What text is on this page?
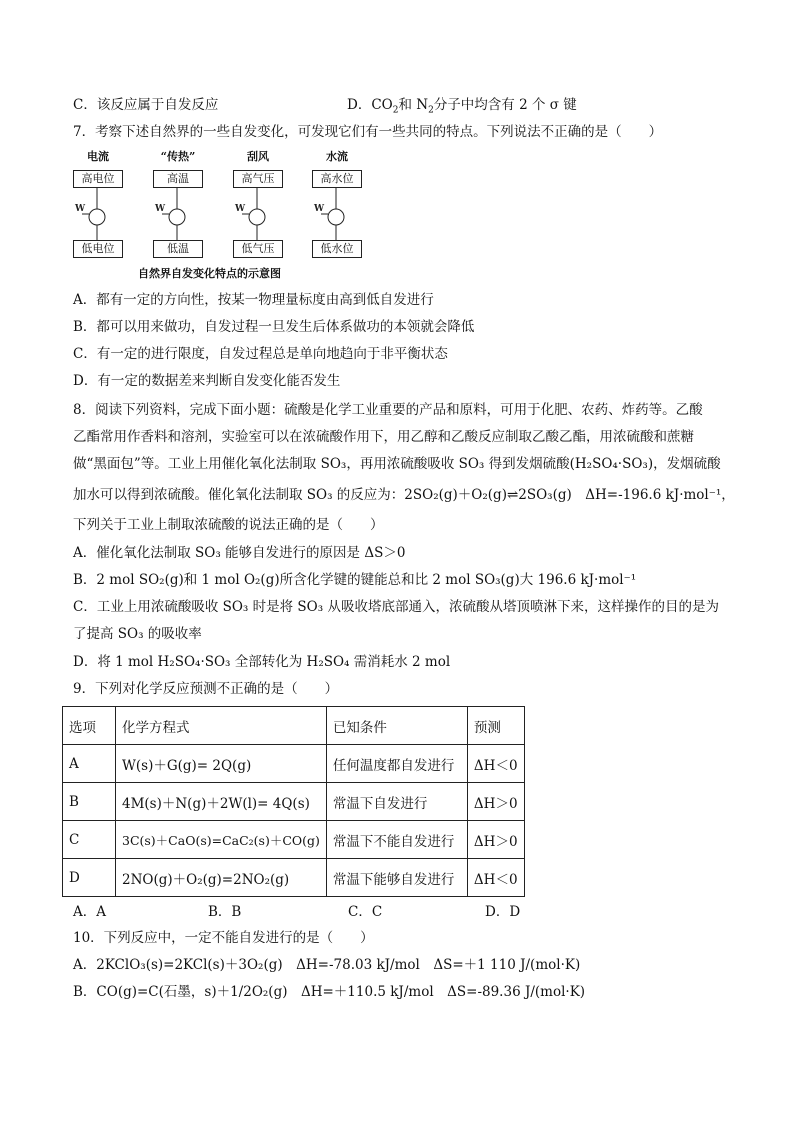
C．该反应属于自发反应	D．$CO_2$和 $N_2$分子中均含有 2 个 σ 键
7．考察下述自然界的一些自发变化，可发现它们有一些共同的特点。下列说法不正确的是（　　）
W	W	W	W
电流
高电位
低电位
“传热”
高温
低温
刮风
高气压
低气压
水流
高水位
低水位
自然界自发变化特点的示意图
A．都有一定的方向性，按某一物理量标度由高到低自发进行
B．都可以用来做功，自发过程一旦发生后体系做功的本领就会降低
C．有一定的进行限度，自发过程总是单向地趋向于非平衡状态
D．有一定的数据差来判断自发变化能否发生
8．阅读下列资料，完成下面小题：硫酸是化学工业重要的产品和原料，可用于化肥、农药、炸药等。乙酸
乙酯常用作香料和溶剂，实验室可以在浓硫酸作用下，用乙醇和乙酸反应制取乙酸乙酯，用浓硫酸和蔗糖
做“黑面包”等。工业上用催化氧化法制取 SO₃，再用浓硫酸吸收 SO₃ 得到发烟硫酸(H₂SO₄·SO₃)，发烟硫酸
加水可以得到浓硫酸。催化氧化法制取 SO₃ 的反应为：2SO₂(g)＋O₂(g)⇌2SO₃(g)　ΔH=-196.6 kJ·mol⁻¹，
下列关于工业上制取浓硫酸的说法正确的是（　　）
A．催化氧化法制取 SO₃ 能够自发进行的原因是 ΔS＞0
B．2 mol SO₂(g)和 1 mol O₂(g)所含化学键的键能总和比 2 mol SO₃(g)大 196.6 kJ·mol⁻¹
C．工业上用浓硫酸吸收 SO₃ 时是将 SO₃ 从吸收塔底部通入，浓硫酸从塔顶喷淋下来，这样操作的目的是为
了提高 SO₃ 的吸收率
D．将 1 mol H₂SO₄·SO₃ 全部转化为 H₂SO₄ 需消耗水 2 mol
9．下列对化学反应预测不正确的是（　　）
选项	化学方程式	已知条件	预测
A	W(s)＋G(g)= 2Q(g)	任何温度都自发进行	ΔH＜0
B	4M(s)＋N(g)＋2W(l)= 4Q(s)	常温下自发进行	ΔH＞0
C	3C(s)＋CaO(s)=CaC₂(s)＋CO(g)	常温下不能自发进行	ΔH＞0
D	2NO(g)＋O₂(g)=2NO₂(g)	常温下能够自发进行	ΔH＜0
A．A	B．B	C．C	D．D
10．下列反应中，一定不能自发进行的是（　　）
A．2KClO₃(s)=2KCl(s)＋3O₂(g)　ΔH=-78.03 kJ/mol　ΔS=＋1 110 J/(mol·K)
B．CO(g)=C(石墨，s)＋1/2O₂(g)　ΔH=＋110.5 kJ/mol　ΔS=-89.36 J/(mol·K)
